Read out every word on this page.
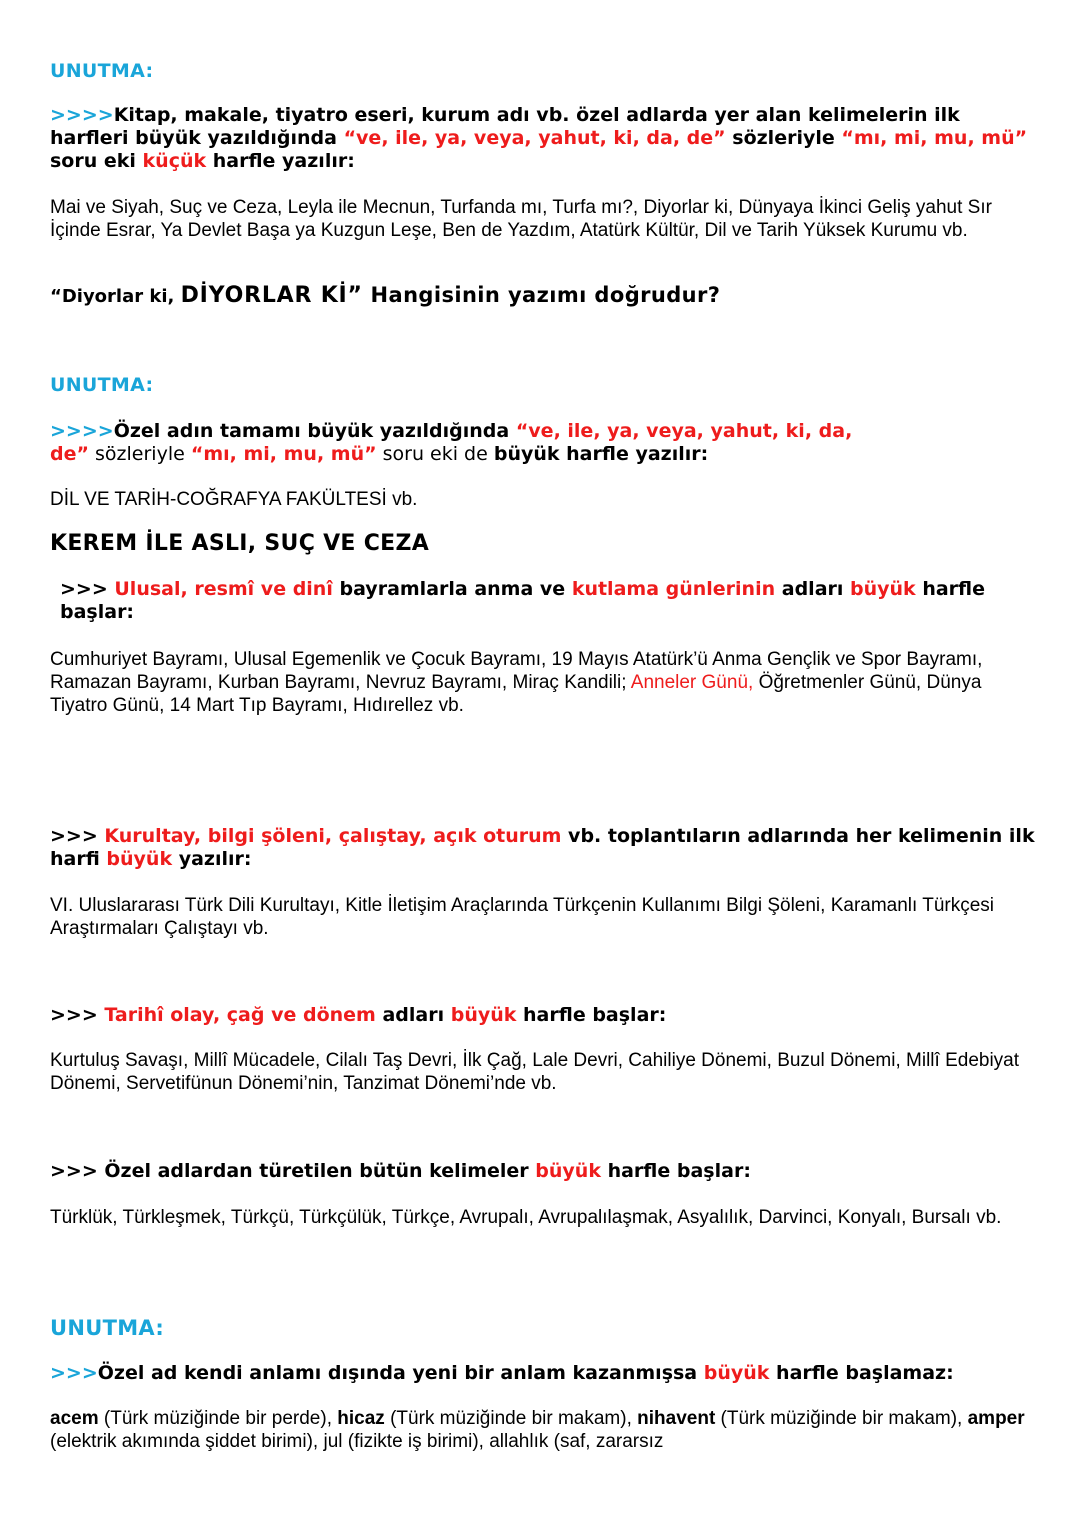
UNUTMA:
>>>>Kitap, makale, tiyatro eseri, kurum adı vb. özel adlarda yer alan kelimelerin ilk harfleri büyük yazıldığında “ve, ile, ya, veya, yahut, ki, da, de” sözleriyle “mı, mi, mu, mü” soru eki küçük harfle yazılır:
Mai ve Siyah, Suç ve Ceza, Leyla ile Mecnun, Turfanda mı, Turfa mı?, Diyorlar ki, Dünyaya İkinci Geliş yahut Sır İçinde Esrar, Ya Devlet Başa ya Kuzgun Leşe, Ben de Yazdım, Atatürk Kültür, Dil ve Tarih Yüksek Kurumu vb.
“Diyorlar ki, DİYORLAR Kİ” Hangisinin yazımı doğrudur?
UNUTMA:
>>>>Özel adın tamamı büyük yazıldığında “ve, ile, ya, veya, yahut, ki, da, de” sözleriyle “mı, mi, mu, mü” soru eki de büyük harfle yazılır:
DİL VE TARİH-COĞRAFYA FAKÜLTESİ vb.
KEREM İLE ASLI, SUÇ VE CEZA
>>> Ulusal, resmî ve dinî bayramlarla anma ve kutlama günlerinin adları büyük harfle başlar:
Cumhuriyet Bayramı, Ulusal Egemenlik ve Çocuk Bayramı, 19 Mayıs Atatürk’ü Anma Gençlik ve Spor Bayramı, Ramazan Bayramı, Kurban Bayramı, Nevruz Bayramı, Miraç Kandili; Anneler Günü, Öğretmenler Günü, Dünya Tiyatro Günü, 14 Mart Tıp Bayramı, Hıdırellez vb.
>>> Kurultay, bilgi şöleni, çalıştay, açık oturum vb. toplantıların adlarında her kelimenin ilk harfi büyük yazılır:
VI. Uluslararası Türk Dili Kurultayı, Kitle İletişim Araçlarında Türkçenin Kullanımı Bilgi Şöleni, Karamanlı Türkçesi Araştırmaları Çalıştayı vb.
>>> Tarihî olay, çağ ve dönem adları büyük harfle başlar:
Kurtuluş Savaşı, Millî Mücadele, Cilalı Taş Devri, İlk Çağ, Lale Devri, Cahiliye Dönemi, Buzul Dönemi, Millî Edebiyat Dönemi, Servetifünun Dönemi’nin, Tanzimat Dönemi’nde vb.
>>> Özel adlardan türetilen bütün kelimeler büyük harfle başlar:
Türklük, Türkleşmek, Türkçü, Türkçülük, Türkçe, Avrupalı, Avrupalılaşmak, Asyalılık, Darvinci, Konyalı, Bursalı vb.
UNUTMA:
>>>Özel ad kendi anlamı dışında yeni bir anlam kazanmışsa büyük harfle başlamaz:
acem (Türk müziğinde bir perde), hicaz (Türk müziğinde bir makam), nihavent (Türk müziğinde bir makam), amper (elektrik akımında şiddet birimi), jul (fizikte iş birimi), allahlık (saf, zararsız
